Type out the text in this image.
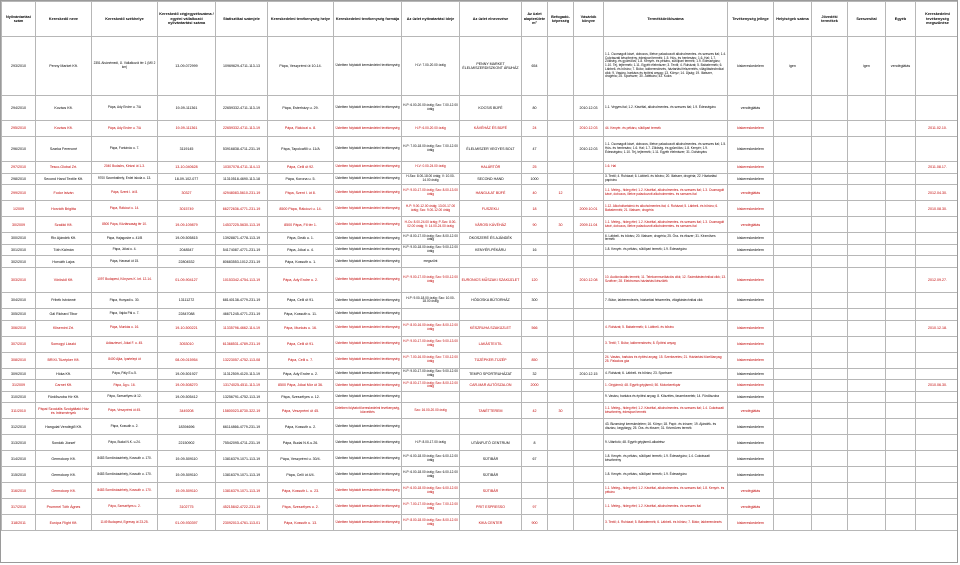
Nyilvántartási szám	Kereskedő neve	Kereskedő székhelye	Kereskedő cégjegyzékszáma / egyéni vállalkozói nyilvántartási száma	Statisztikai számjele	Kereskedelmi tevékenység helye	Kereskedelmi tevékenység formája	Az üzlet nyitvatartási ideje	Az üzlet elnevezése	Az üzlet alapterülete m²	Befogadó-képesség	Vásárlók könyve	Termékkörök/száma	Tevékenység jellege	Helyiségek száma	Jövedéki termékek	Szeszesital	Egyéb	Kereskedelmi tevékenység megszűnése
293/2010	Penny Market Kft.	2351 Alsónémedi, Ü. Vállalkozói tér 1 (M0 2 km)	13-09-072999	10969629-4711-113-13	Pápa, Veszprémi út 10-14.	Üzletben folytatott kereskedelmi tevékenység	H-V: 7.00-20.00 óráig	PENNY MARKET ÉLELMISZERDISZKONT ÁRUHÁZ	654			1.1. Csomagolt kávé, dobozos, illetve palackozott alkoholmentes- és szeszes ital; 1.4. Cukrászati készítmény, édesipari termék; 1.5. Hús- és hentesáru; 1.6. Hal; 1.7. Zöldség- és gyümölcs; 1.8. Kenyér- és pékáru, sütőipari termék; 1.9. Édességáru; 1.10. Tej, tejtermék; 1.11. Egyéb élelmiszer; 3. Textil; 4. Ruházat; 5. Babatermék; 6. Lábbeli- és bőráru; 7. Bútor, lakberendezés, háztartási felszerelés, világítástechnikai cikk; 9. Vasáru, barkács és építési anyag; 13. Könyv; 14. Újság; 19. Illatszer, drogéria; 25. Sportszer; 30. Játékáru; 43. Kulcs	kiskereskedelem	igen		igen	vendéglátás	
294/2010	Kovács Kft.	Pápa, Ady Endre u. 7/A	19-09-111361	22659332-4711-113-19	Pápa, Esterházy u. 29.	Üzletben folytatott kereskedelmi tevékenység	H-P: 6.00-20.00 óráig; Szo: 7.00-12.00 óráig	KOCSIS BÜFÉ	80		2010.12.03	1.1. Vegyes ital; 1.2. Kávéital, alkoholmentes- és szeszes ital; 1.9. Édességáru	vendéglátás					
295/2010	Kovács Kft.	Pápa, Ady Endre u. 7/A	19-09-111361	22659332-4711-113-19	Pápa, Rákóczi u. 8.	Üzletben folytatott kereskedelmi tevékenység	H-P: 6.00-20.00 óráig	KÁVÉHÁZ ÉS BÜFÉ	24		2010.12.03	44. Kenyér- és pékáru, sütőipari termék	kiskereskedelem					2011.02.10.
296/2010	Szarka Ferencné	Pápa, Fontánóc u. 7.	3119145	53916838-4711-231-19	Pápa, Tapolcafői u. 11/A	Üzletben folytatott kereskedelmi tevékenység	H-P: 7.00-18.00 óráig; Szo: 7.00-12.00 óráig	ÉLELMISZER VEGYES BOLT	47		2010.12.03	1.1. Csomagolt kávé, dobozos, illetve palackozott alkoholmentes- és szeszes ital; 1.5. Hús- és hentesáru; 1.6. Hal; 1.7. Zöldség- és gyümölcs; 1.8. Kenyér; 1.9. Édességáru; 1.10. Tej, tejtermék; 1.11. Egyéb élelmiszer; 31. Dohányáru	kiskereskedelem					
297/2010	Tesco-Global Zrt.	2040 Budaörs, Kinizsi út 1-3.	13-10-040628	10307078-4711-114-13	Pápa, Celli út 92.	Üzletben folytatott kereskedelmi tevékenység	H-V: 0.00-24.00 óráig	HALÁRTÓR	25			1.6. Hal	kiskereskedelem					2011.08.17.
298/2010	Second Hand Textile Kft.	9700 Szombathely, Erdei iskola u. 13.	18-09-102-077	11310518-4690-113-18	Pápa, Korona u. 5.	Üzletben folytatott kereskedelmi tevékenység	H-Szo: 8.00-18.00 óráig; V: 10.00-14.00 óráig	SECOND HAND	1000			3. Textil; 4. Ruházat; 6. Lábbeli- és bőráru; 20. Illatszer, drogéria; 22. Háztartási papíráru	kiskereskedelem					
299/2010	Fodor István	Pápa, Szent I. út 8.	30327	42948083-5610-231-19	Pápa, Szent I. út 8.	Üzletben folytatott kereskedelmi tevékenység	H-P: 9.00-17.00 óráig; Szo: 8.00-13.00 óráig	HANGULAT BÜFÉ	40	12		1.1. Meleg-, hideg étel; 1.2. Kávéital, alkoholmentes- és szeszes ital; 1.3. Csomagolt kávé, dobozos, illetve palackozott alkoholmentes- és szeszes ital	vendéglátás					2012.04.30.
1/2009	Horváth Brigitta	Pápa, Rákóczi u. 14.	3015749	66272636-4771-231-19	8500 Pápa, Rákóczi u. 14.	Üzletben folytatott kereskedelmi tevékenység	H-P: 9.00-12.00 óráig; 13.00-17.00 óráig; Szo: 9.00-12.00 óráig	FUSZEKLI	18		2009.10.01	1.12. Alkoholtartalmú és alkoholmentes ital; 4. Ruházat; 5. Lábbeli- és bőráru; 6. Babatermék; 21. Illatszer, drogéria	kiskereskedelem					2010.08.30.
30/2009	Szalóki Kft.	8500 Pápa, Köztársaság tér 10.	19-09-109879	14537225-5630-113-19	8500 Pápa, Fő tér 1.	Üzletben folytatott kereskedelmi tevékenység	H-Cs: 8.00-24.00 óráig; P-Szo: 8.00-02.00 óráig; V: 14.00-24.00 óráig	VÁROSI KÁVÉHÁZ	90	30	2009.11.04	1.1. Meleg-, hideg étel; 1.2. Kávéital, alkoholmentes- és szeszes ital; 1.3. Csomagolt kávé, dobozos, illetve palackozott alkoholmentes- és szeszes ital	vendéglátás					
300/2010	Rix Ajándék Kft.	Pápa, Hajagosbe u. 41/B	19-09-505815	13928871-4778-113-19	Pápa, Deák u. 1.	Üzletben folytatott kereskedelmi tevékenység	H-P: 8.00-17.00 óráig; Szo: 8.00-12.00 óráig	ÖKOSZERÉ ÉS AJÁNDÉK				6. Lábbeli- és bőráru; 20. Illatszer, drogéria; 25. Óra- és ékszer; 31. Kézműves termék	kiskereskedelem					
301/2010	Tóth Kálmán	Pápa, Jókai u. 4.	2048547	54174087-4771-231-19	Pápa, Jókai u. 4.	Üzletben folytatott kereskedelmi tevékenység	H-P: 9.00-18.00 óráig; Szo: 9.00-12.00 óráig	KENYÉR-PÉKÁRU	16			1.8. Kenyér- és pékáru, sütőipari termék; 1.9. Édességáru	kiskereskedelem					
302/2010	Horváth Lajos	Pápa, Haraszt út 15.	22804532	80683553-1012-231-19	Pápa, Kossuth u. 1.	Üzletben folytatott kereskedelmi tevékenység	megszűnt											
303/2010	Vöröskő Kft.	1097 Budapest, Könyves K. krt. 12-14.	01-09-904127	10153342-4754-113-19	Pápa, Ady Endre u. 2.	Üzletben folytatott kereskedelmi tevékenység	H-P: 9.00-17.00 óráig; Szo: 9.00-12.00 óráig	EURONICS MŰSZAKI SZAKÜZLET	120		2010.12.08	10. Audiovizuális termék; 11. Telekommunikációs cikk; 12. Számítástechnikai cikk; 13. Szoftver; 28. Elektromos háztartási készülék	kiskereskedelem					2012.09.27.
304/2010	Fribék Istvánné	Pápa, Hunyadi u. 30.	13111272	68140138-4779-231-19	Pápa, Celli út 91.	Üzletben folytatott kereskedelmi tevékenység	H-P: 9.00-18.00 óráig; Szo: 10.00-18.00 óráig	HÓDOSKA BÚTORHÁZ	300			7. Bútor, lakberendezés, háztartási felszerelés, világítástechnikai cikk	kiskereskedelem					
305/2010	Gál Richard Tibor	Pápa, Vajda Pál u. 7.	22847088	46671245-4771-231-19	Pápa, Kossuth u. 11.	Üzletben folytatott kereskedelmi tevékenység												
306/2010	Klisemint Zrt.	Pápa, Munkás u. 16.	19-10-500221	11335796-4662-114-19	Pápa, Munkás u. 16.	Üzletben folytatott kereskedelmi tevékenység	H-P: 8.00-16.00 óráig; Szo: 8.00-12.00 óráig	KÉSZRUHA SZAKÜZLET	566			4. Ruházat; 5. Babatermék; 6. Lábbeli- és bőráru	kiskereskedelem					2010.12.18.
307/2010	Somogyi László	Adásztevel, Jókai F. u. 45.	3053010	61368531-4789-231-19	Pápa, Celli út 91.	Üzletben folytatott kereskedelmi tevékenység	H-P: 9.00-17.00 óráig; Szo: 9.00-13.00 óráig	LAKÁSTEXTIL				3. Textil; 7. Bútor, lakberendezés; 8. Építési anyag	kiskereskedelem					
308/2010	BRIXI-Tüzépker Kft.	8400 Ajka, Ipartelepi út	08-09-015954	13223057-4752-113-08	Pápa, Celli u. 7.	Üzletben folytatott kereskedelmi tevékenység	H-P: 7.00-16.00 óráig; Szo: 7.00-12.00 óráig	TÜZÉPKER-TÜZÉP	850			24. Vasáru, barkács és építési anyag; 15. Szerkezetes; 21. Háztartási tüzelőanyag; 25. Palackos gáz	kiskereskedelem					
309/2010	Hóka Kft.	Pápa, Pály E.u.5.	19-09-501927	11312509-4120-113-19	Pápa, Ady Endre u. 2.	Üzletben folytatott kereskedelmi tevékenység	H-P: 9.00-17.00 óráig; Szo: 9.00-12.00 óráig	TEMPO SPORTRUHÁZAT	32		2010.12.15	4. Ruházat; 6. Lábbeli- és bőráru; 23. Sportszer	kiskereskedelem					
31/2009	Carnet Kft.	Pápa, Ág u. 16.	19-09-508270	13174025-4511-113-19	8500 Pápa, Jókai Mór út 36.	Üzletben folytatott kereskedelmi tevékenység	H-P: 8.00-17.00 óráig; Szo: 8.00-12.00 óráig	CAR-MAR AUTÓSZALON	2000			1. Gépjármű; 48. Egyéb gépjármű; 50. Motorkerékpár	kiskereskedelem					2010.06.30.
310/2010	Fürdőszoba Hír Kft.	Pápa, Szeszélyes út 12.	19-09-505412	13256791-4752-113-19	Pápa, Szeszélyes u. 12.	Üzletben folytatott kereskedelmi tevékenység						9. Vasáru, barkács és építési anyag; 8. Kőszéles, faszerkezetek; 14. Fürdőszoba	kiskereskedelem					
311/2010	Pápai Szociális Szolgáltató Ház és Intézmények	Pápa, Veszprémi út 45.	3449208	15800023-8730-322-19	Pápa, Veszprémi út 45.	Üzletben folytatott kereskedelmi tevékenység, közvetítés	Szo: 16.00-20.00 óráig	TANÉTTEREM	42	30		1.1. Meleg-, hideg étel; 1.2. Kávéital, alkoholmentes- és szeszes ital; 1.4. Cukrászati készítmény, édesipari termék	vendéglátás					
312/2010	Hangulat Vendéglő Kft.	Pápa, Kossuth u. 2.	18394696	66114866-4779-231-19	Pápa, Kossuth u. 2.	Üzletben folytatott kereskedelmi tevékenység						43. Bizományi kereskedelem; 16. Könyv; 18. Papír- és írószer; 19. Ajándék- és díszáru, kegytárgy; 25. Óra- és ékszer; 31. Kézműves termék	kiskereskedelem					
313/2010	Sondák József	Pápa, Budai N.K. u.24.	22150902	75542095-4711-231-19	Pápa, Budai N.K.u.26.	Üzletben folytatott kereskedelmi tevékenység	H-P: 8.00-17.00 óráig	UTÁNFUTÓ CENTRUM	8			9. Utánfutó; 48. Egyéb gépjármű-alkatrész	kiskereskedelem					
314/2010	Germokorp Kft.	8483 Somlóvásárhely, Kossuth u. 170.	19-09-509110	13816379-1071-113-19	Pápa, Veszprémi u. 30/4.	Üzletben folytatott kereskedelmi tevékenység	H-P: 6.00-18.00 óráig; Szo: 6.00-12.00 óráig	SÜTIBÁR	67			1.8. Kenyér- és pékáru, sütőipari termék; 1.9. Édességáru; 1.4. Cukrászati készítmény	kiskereskedelem					
315/2010	Germokorp Kft.	8483 Somlóvásárhely, Kossuth u. 170.	19-09-509110	13816379-1071-113-19	Pápa, Celli út 4/4.	Üzletben folytatott kereskedelmi tevékenység	H-P: 6.00-18.00 óráig; Szo: 6.00-12.00 óráig	SÜTIBÁR				1.8. Kenyér- és pékáru, sütőipari termék; 1.9. Édességáru	kiskereskedelem					
316/2010	Germokorp Kft.	8483 Somlóvásárhely, Kossuth u. 170.	19-09-509110	13816379-1071-113-19	Pápa, Kossuth L. u. 23.	Üzletben folytatott kereskedelmi tevékenység	H-P: 6.00-18.00 óráig; Szo: 6.00-12.00 óráig	SÜTIBÁR				1.1. Meleg-, hideg étel; 1.2. Kávéital, alkoholmentes- és szeszes ital; 1.8. Kenyér- és pékáru	vendéglátás					
317/2010	Prummel Tóth Ágnes	Pápa, Szeszélyes u. 2.	3102775	45215842-4722-231-19	Pápa, Szeszélyes u. 2.	Üzletben folytatott kereskedelmi tevékenység	H-P: 7.00-17.00 óráig; Szo: 7.00-12.00 óráig	PRIT ESPRESSO	97			1.1. Meleg-, hideg étel; 1.2. Kávéital, alkoholmentes- és szeszes ital	vendéglátás					
318/2011	Európa Flight Kft.	1149 Budapest, Egressy út 23-25.	01-09-930397	23092013-4761-113-01	Pápa, Kossuth u. 13.	Üzletben folytatott kereskedelmi tevékenység	H-P: 8.00-18.00 óráig; Szo: 8.00-12.00 óráig	KIKA CENTER	900			3. Textil; 4. Ruházat; 5. Babatermék; 6. Lábbeli- és bőráru; 7. Bútor, lakberendezés	kiskereskedelem					
